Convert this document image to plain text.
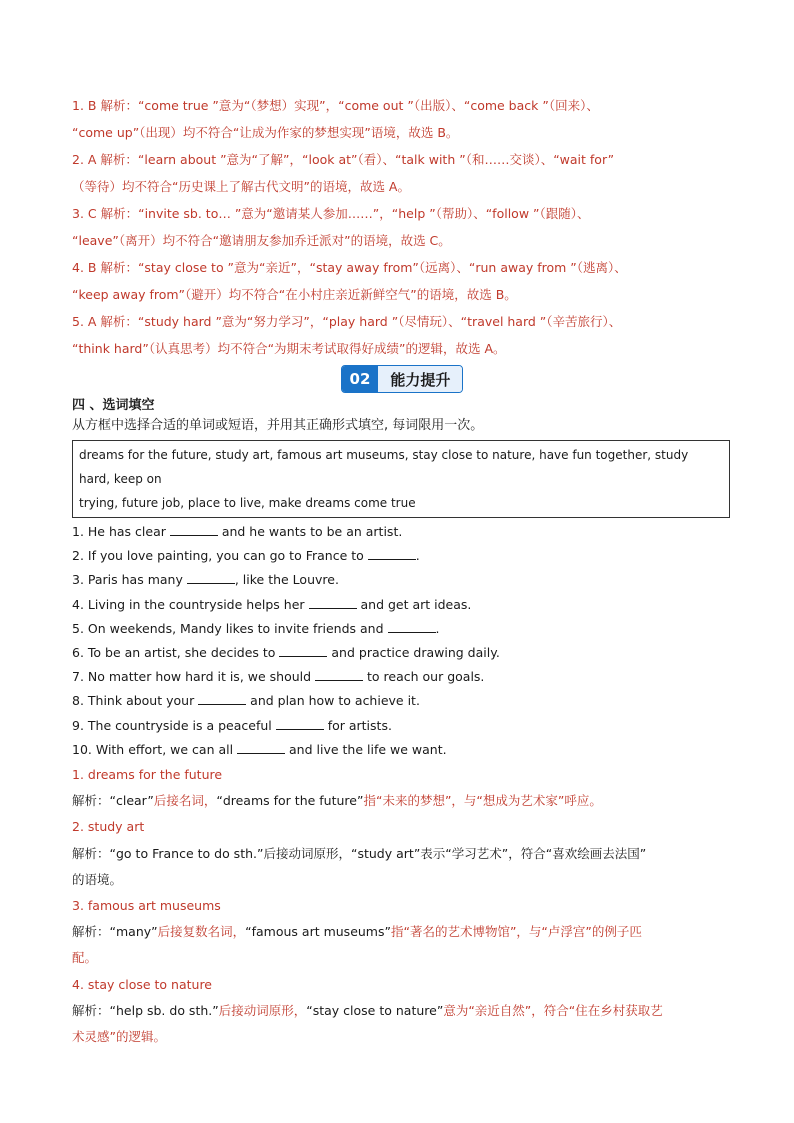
1. B 解析：“come true ”意为“（梦想）实现”，“come out ”（出版）、“come back ”（回来）、

“come up”（出现）均不符合“让成为作家的梦想实现”语境，故选 B。

2. A 解析：“learn about ”意为“了解”，“look at”（看）、“talk with ”（和……交谈）、“wait for”

（等待）均不符合“历史课上了解古代文明”的语境，故选 A。

3. C 解析：“invite sb. to… ”意为“邀请某人参加……”，“help ”（帮助）、“follow ”（跟随）、

“leave”（离开）均不符合“邀请朋友参加乔迁派对”的语境，故选 C。

4. B 解析：“stay close to ”意为“亲近”，“stay away from”（远离）、“run away from ”（逃离）、

“keep away from”（避开）均不符合“在小村庄亲近新鲜空气”的语境，故选 B。

5. A 解析：“study hard ”意为“努力学习”，“play hard ”（尽情玩）、“travel hard ”（辛苦旅行）、

“think hard”（认真思考）均不符合“为期末考试取得好成绩”的逻辑，故选 A。

02	能力提升
四 、选词填空
从方框中选择合适的单词或短语，并用其正确形式填空, 每词限用一次。
dreams for the future, study art, famous art museums, stay close to nature, have fun together, study hard, keep on
trying, future job, place to live, make dreams come true

1. He has clear	and he wants to be an artist.

2. If you love painting, you can go to France to	.

3. Paris has many	, like the Louvre.

4. Living in the countryside helps her	and get art ideas.

5. On weekends, Mandy likes to invite friends and	.

6. To be an artist, she decides to	and practice drawing daily.

7. No matter how hard it is, we should	to reach our goals.

8. Think about your	and plan how to achieve it.

9. The countryside is a peaceful	for artists.

10. With effort, we can all	and live the life we want.

1. dreams for the future

解析：“clear”后接名词，“dreams for the future”指“未来的梦想”，与“想成为艺术家”呼应。

2. study art

解析：“go to France to do sth.”后接动词原形，“study art”表示“学习艺术”，符合“喜欢绘画去法国”

的语境。

3. famous art museums

解析：“many”后接复数名词，“famous art museums”指“著名的艺术博物馆”，与“卢浮宫”的例子匹

配。

4. stay close to nature

解析：“help sb. do sth.”后接动词原形，“stay close to nature”意为“亲近自然”，符合“住在乡村获取艺

术灵感”的逻辑。
